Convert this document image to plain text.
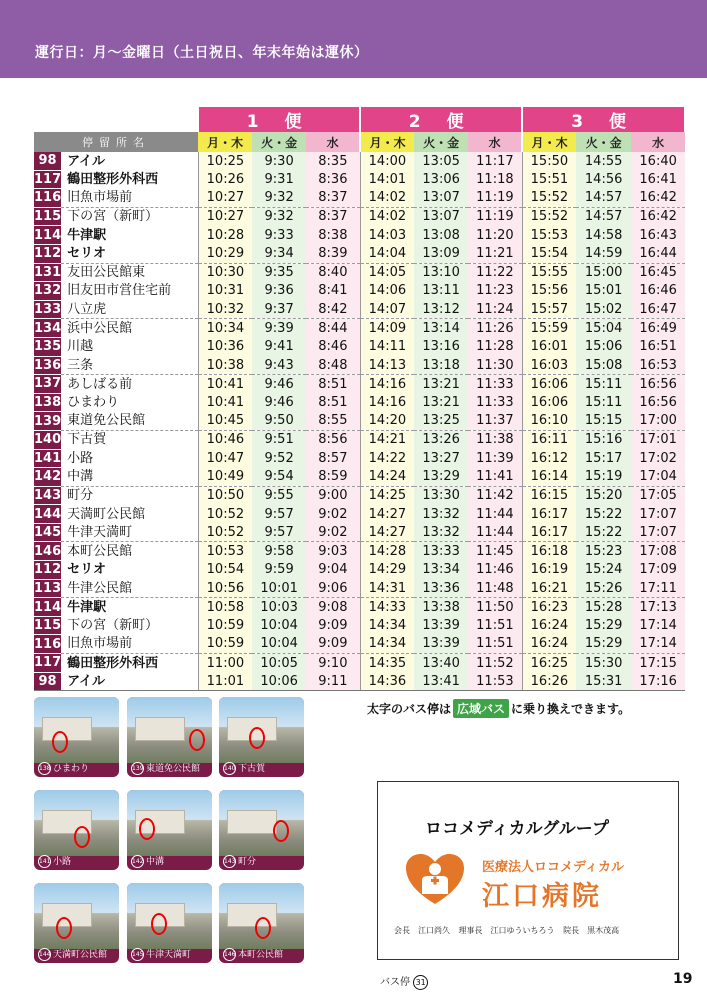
運行日：月～金曜日（土日祝日、年末年始は運休）
		1 便			2 便			3 便		
停留所名		月・木	火・金	水	月・木	火・金	水	月・木	火・金	水
98	アイル	10:25	9:30	8:35	14:00	13:05	11:17	15:50	14:55	16:40
117	鶴田整形外科西	10:26	9:31	8:36	14:01	13:06	11:18	15:51	14:56	16:41
116	旧魚市場前	10:27	9:32	8:37	14:02	13:07	11:19	15:52	14:57	16:42
115	下の宮（新町）	10:27	9:32	8:37	14:02	13:07	11:19	15:52	14:57	16:42
114	牛津駅	10:28	9:33	8:38	14:03	13:08	11:20	15:53	14:58	16:43
112	セリオ	10:29	9:34	8:39	14:04	13:09	11:21	15:54	14:59	16:44
131	友田公民館東	10:30	9:35	8:40	14:05	13:10	11:22	15:55	15:00	16:45
132	旧友田市営住宅前	10:31	9:36	8:41	14:06	13:11	11:23	15:56	15:01	16:46
133	八立虎	10:32	9:37	8:42	14:07	13:12	11:24	15:57	15:02	16:47
134	浜中公民館	10:34	9:39	8:44	14:09	13:14	11:26	15:59	15:04	16:49
135	川越	10:36	9:41	8:46	14:11	13:16	11:28	16:01	15:06	16:51
136	三条	10:38	9:43	8:48	14:13	13:18	11:30	16:03	15:08	16:53
137	あしばる前	10:41	9:46	8:51	14:16	13:21	11:33	16:06	15:11	16:56
138	ひまわり	10:41	9:46	8:51	14:16	13:21	11:33	16:06	15:11	16:56
139	東道免公民館	10:45	9:50	8:55	14:20	13:25	11:37	16:10	15:15	17:00
140	下古賀	10:46	9:51	8:56	14:21	13:26	11:38	16:11	15:16	17:01
141	小路	10:47	9:52	8:57	14:22	13:27	11:39	16:12	15:17	17:02
142	中溝	10:49	9:54	8:59	14:24	13:29	11:41	16:14	15:19	17:04
143	町分	10:50	9:55	9:00	14:25	13:30	11:42	16:15	15:20	17:05
144	天満町公民館	10:52	9:57	9:02	14:27	13:32	11:44	16:17	15:22	17:07
145	牛津天満町	10:52	9:57	9:02	14:27	13:32	11:44	16:17	15:22	17:07
146	本町公民館	10:53	9:58	9:03	14:28	13:33	11:45	16:18	15:23	17:08
112	セリオ	10:54	9:59	9:04	14:29	13:34	11:46	16:19	15:24	17:09
113	牛津公民館	10:56	10:01	9:06	14:31	13:36	11:48	16:21	15:26	17:11
114	牛津駅	10:58	10:03	9:08	14:33	13:38	11:50	16:23	15:28	17:13
115	下の宮（新町）	10:59	10:04	9:09	14:34	13:39	11:51	16:24	15:29	17:14
116	旧魚市場前	10:59	10:04	9:09	14:34	13:39	11:51	16:24	15:29	17:14
117	鶴田整形外科西	11:00	10:05	9:10	14:35	13:40	11:52	16:25	15:30	17:15
98	アイル	11:01	10:06	9:11	14:36	13:41	11:53	16:26	15:31	17:16
太字のバス停は 広域バス に乗り換えできます。
138 ひまわり	139 東道免公民館	140 下古賀
141 小路	142 中溝	143 町分
144 天満町公民館	145 牛津天満町	146 本町公民館
ロコメディカルグループ
医療法人ロコメディカル
江口病院
会長　江口尚久 理事長　江口ゆういちろう 院長　黒木茂高
バス停 31	19
